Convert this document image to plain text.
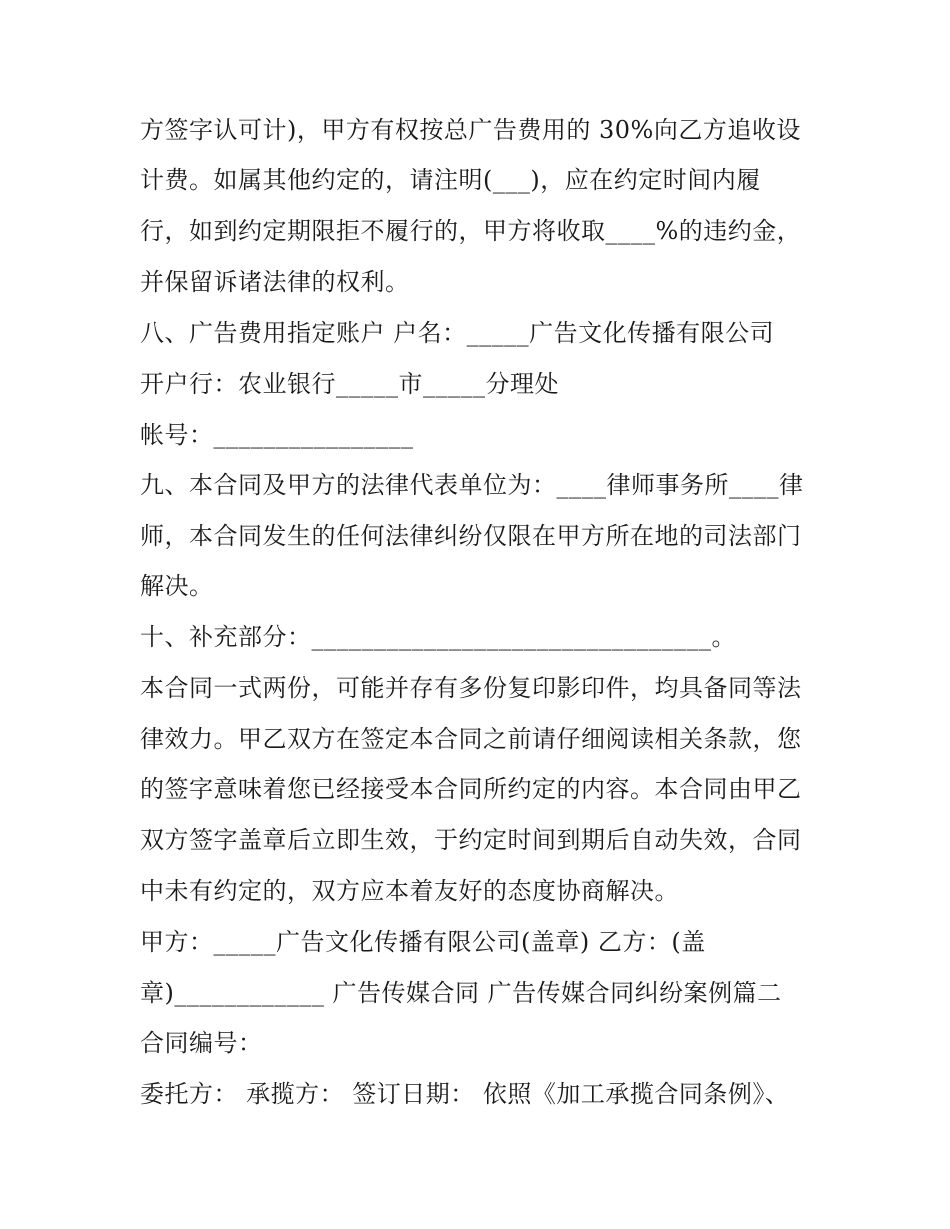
方签字认可计)，甲方有权按总广告费用的 30%向乙方追收设
计费。如属其他约定的，请注明(___)，应在约定时间内履
行，如到约定期限拒不履行的，甲方将收取____%的违约金，
并保留诉诸法律的权利。
八、广告费用指定账户 户名：_____广告文化传播有限公司
开户行：农业银行_____市_____分理处
帐号：________________
九、本合同及甲方的法律代表单位为：____律师事务所____律
师，本合同发生的任何法律纠纷仅限在甲方所在地的司法部门
解决。
十、补充部分：________________________________。
本合同一式两份，可能并存有多份复印影印件，均具备同等法
律效力。甲乙双方在签定本合同之前请仔细阅读相关条款，您
的签字意味着您已经接受本合同所约定的内容。本合同由甲乙
双方签字盖章后立即生效，于约定时间到期后自动失效，合同
中未有约定的，双方应本着友好的态度协商解决。
甲方：_____广告文化传播有限公司(盖章) 乙方：(盖
章)____________ 广告传媒合同 广告传媒合同纠纷案例篇二
合同编号：
委托方： 承揽方： 签订日期： 依照《加工承揽合同条例》、
